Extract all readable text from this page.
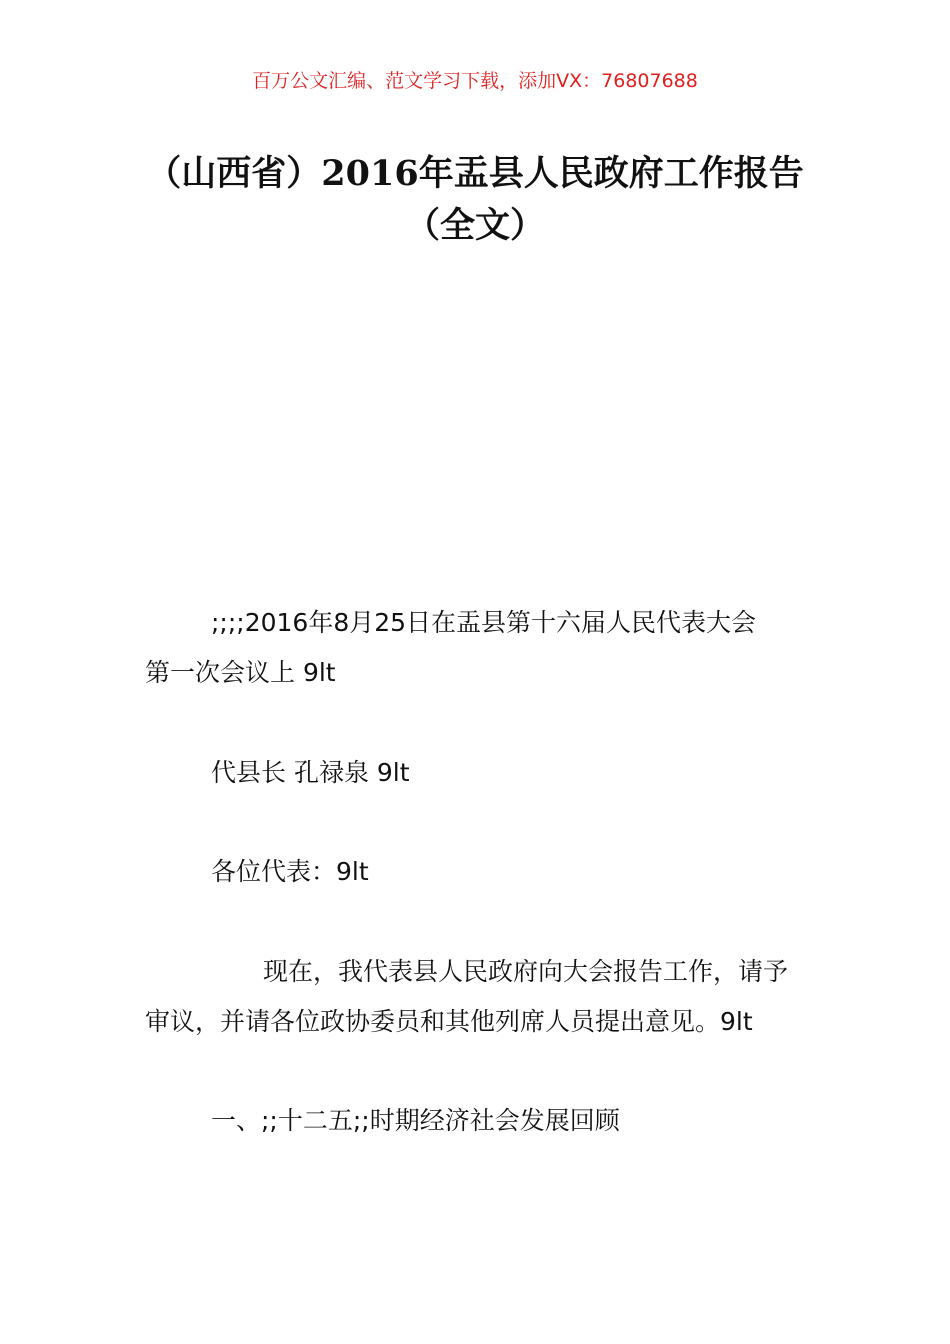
百万公文汇编、范文学习下载，添加VX：76807688
（山西省）2016年盂县人民政府工作报告
（全文）
;;;;2016年8月25日在盂县第十六届人民代表大会
第一次会议上 9lt
代县长 孔禄泉 9lt
各位代表：9lt
现在，我代表县人民政府向大会报告工作，请予
审议，并请各位政协委员和其他列席人员提出意见。9lt
一、;;十二五;;时期经济社会发展回顾
